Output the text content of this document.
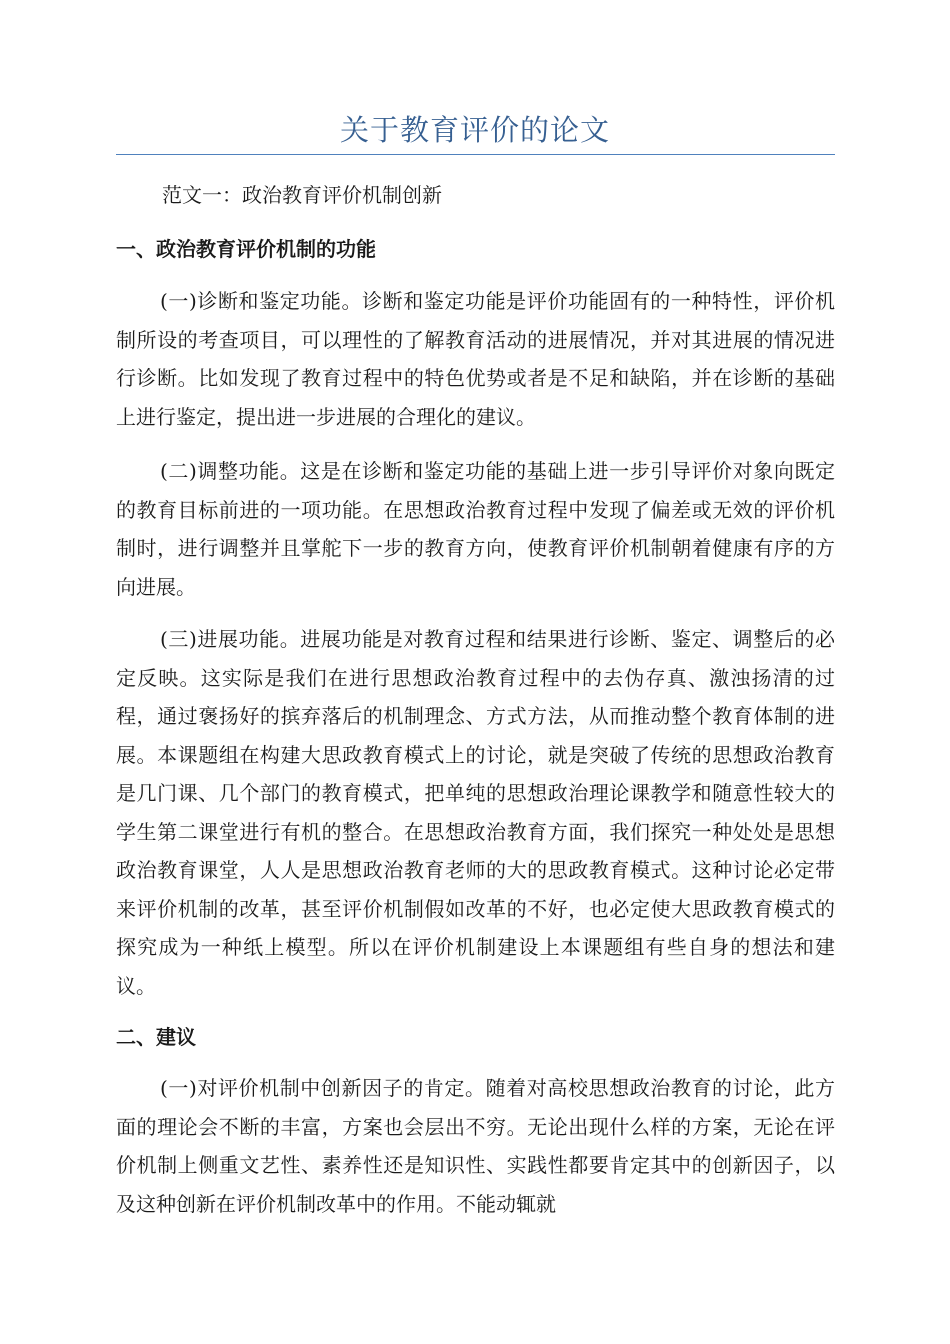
关于教育评价的论文
范文一：政治教育评价机制创新
一、政治教育评价机制的功能

(一)诊断和鉴定功能。诊断和鉴定功能是评价功能固有的一种特性，评价机制所设的考查项目，可以理性的了解教育活动的进展情况，并对其进展的情况进行诊断。比如发现了教育过程中的特色优势或者是不足和缺陷，并在诊断的基础上进行鉴定，提出进一步进展的合理化的建议。

(二)调整功能。这是在诊断和鉴定功能的基础上进一步引导评价对象向既定的教育目标前进的一项功能。在思想政治教育过程中发现了偏差或无效的评价机制时，进行调整并且掌舵下一步的教育方向，使教育评价机制朝着健康有序的方向进展。

(三)进展功能。进展功能是对教育过程和结果进行诊断、鉴定、调整后的必定反映。这实际是我们在进行思想政治教育过程中的去伪存真、激浊扬清的过程，通过褒扬好的摈弃落后的机制理念、方式方法，从而推动整个教育体制的进展。本课题组在构建大思政教育模式上的讨论，就是突破了传统的思想政治教育是几门课、几个部门的教育模式，把单纯的思想政治理论课教学和随意性较大的学生第二课堂进行有机的整合。在思想政治教育方面，我们探究一种处处是思想政治教育课堂，人人是思想政治教育老师的大的思政教育模式。这种讨论必定带来评价机制的改革，甚至评价机制假如改革的不好，也必定使大思政教育模式的探究成为一种纸上模型。所以在评价机制建设上本课题组有些自身的想法和建议。

二、建议

(一)对评价机制中创新因子的肯定。随着对高校思想政治教育的讨论，此方面的理论会不断的丰富，方案也会层出不穷。无论出现什么样的方案，无论在评价机制上侧重文艺性、素养性还是知识性、实践性都要肯定其中的创新因子，以及这种创新在评价机制改革中的作用。不能动辄就
